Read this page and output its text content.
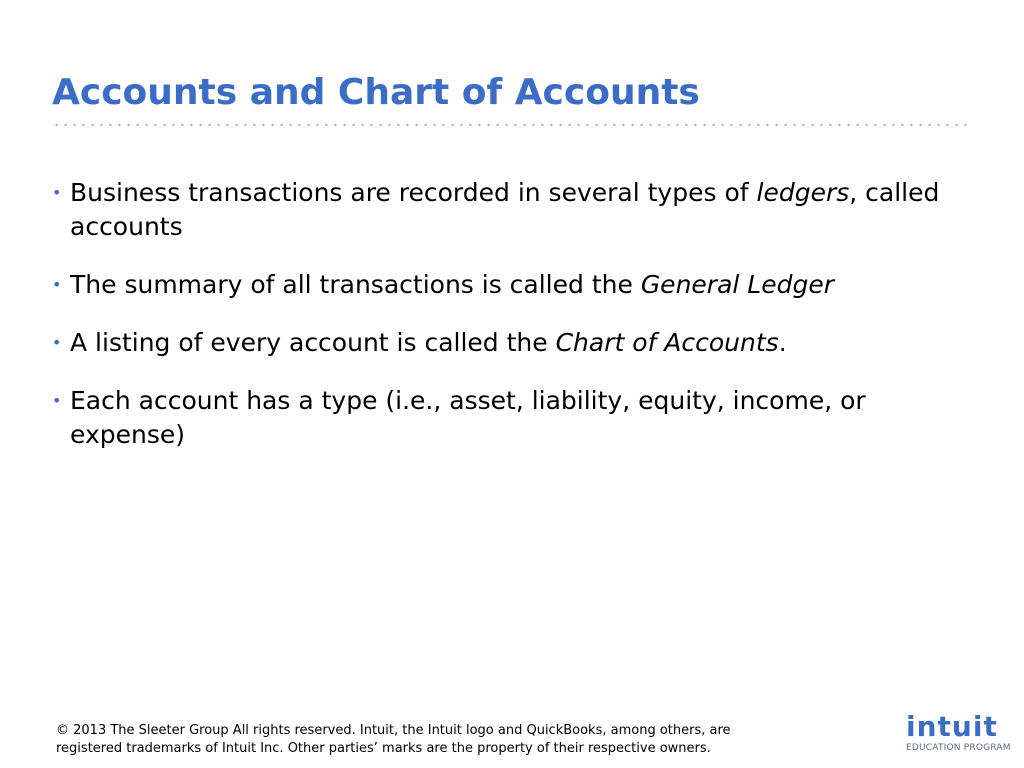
Accounts and Chart of Accounts
• Business transactions are recorded in several types of ledgers, called accounts
• The summary of all transactions is called the General Ledger
• A listing of every account is called the Chart of Accounts.
• Each account has a type (i.e., asset, liability, equity, income, or expense)
© 2013 The Sleeter Group All rights reserved. Intuit, the Intuit logo and QuickBooks, among others, are
registered trademarks of Intuit Inc. Other parties’ marks are the property of their respective owners.
intuit
EDUCATION PROGRAM
